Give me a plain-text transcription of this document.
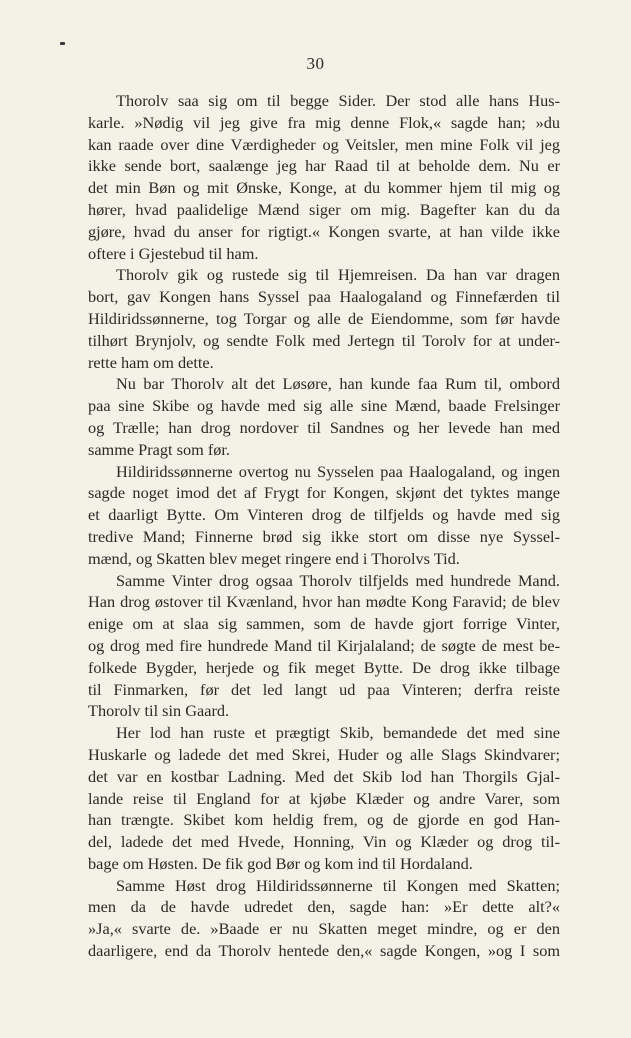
30
Thorolv saa sig om til begge Sider. Der stod alle hans Hus-
karle. »Nødig vil jeg give fra mig denne Flok,« sagde han; »du
kan raade over dine Værdigheder og Veitsler, men mine Folk vil jeg
ikke sende bort, saalænge jeg har Raad til at beholde dem. Nu er
det min Bøn og mit Ønske, Konge, at du kommer hjem til mig og
hører, hvad paalidelige Mænd siger om mig. Bagefter kan du da
gjøre, hvad du anser for rigtigt.« Kongen svarte, at han vilde ikke
oftere i Gjestebud til ham.
Thorolv gik og rustede sig til Hjemreisen. Da han var dragen
bort, gav Kongen hans Syssel paa Haalogaland og Finnefærden til
Hildiridssønnerne, tog Torgar og alle de Eiendomme, som før havde
tilhørt Brynjolv, og sendte Folk med Jertegn til Torolv for at under-
rette ham om dette.
Nu bar Thorolv alt det Løsøre, han kunde faa Rum til, ombord
paa sine Skibe og havde med sig alle sine Mænd, baade Frelsinger
og Trælle; han drog nordover til Sandnes og her levede han med
samme Pragt som før.
Hildiridssønnerne overtog nu Sysselen paa Haalogaland, og ingen
sagde noget imod det af Frygt for Kongen, skjønt det tyktes mange
et daarligt Bytte. Om Vinteren drog de tilfjelds og havde med sig
tredive Mand; Finnerne brød sig ikke stort om disse nye Syssel-
mænd, og Skatten blev meget ringere end i Thorolvs Tid.
Samme Vinter drog ogsaa Thorolv tilfjelds med hundrede Mand.
Han drog østover til Kvænland, hvor han mødte Kong Faravid; de blev
enige om at slaa sig sammen, som de havde gjort forrige Vinter,
og drog med fire hundrede Mand til Kirjalaland; de søgte de mest be-
folkede Bygder, herjede og fik meget Bytte. De drog ikke tilbage
til Finmarken, før det led langt ud paa Vinteren; derfra reiste
Thorolv til sin Gaard.
Her lod han ruste et prægtigt Skib, bemandede det med sine
Huskarle og ladede det med Skrei, Huder og alle Slags Skindvarer;
det var en kostbar Ladning. Med det Skib lod han Thorgils Gjal-
lande reise til England for at kjøbe Klæder og andre Varer, som
han trængte. Skibet kom heldig frem, og de gjorde en god Han-
del, ladede det med Hvede, Honning, Vin og Klæder og drog til-
bage om Høsten. De fik god Bør og kom ind til Hordaland.
Samme Høst drog Hildiridssønnerne til Kongen med Skatten;
men da de havde udredet den, sagde han: »Er dette alt?«
»Ja,« svarte de. »Baade er nu Skatten meget mindre, og er den
daarligere, end da Thorolv hentede den,« sagde Kongen, »og I som
